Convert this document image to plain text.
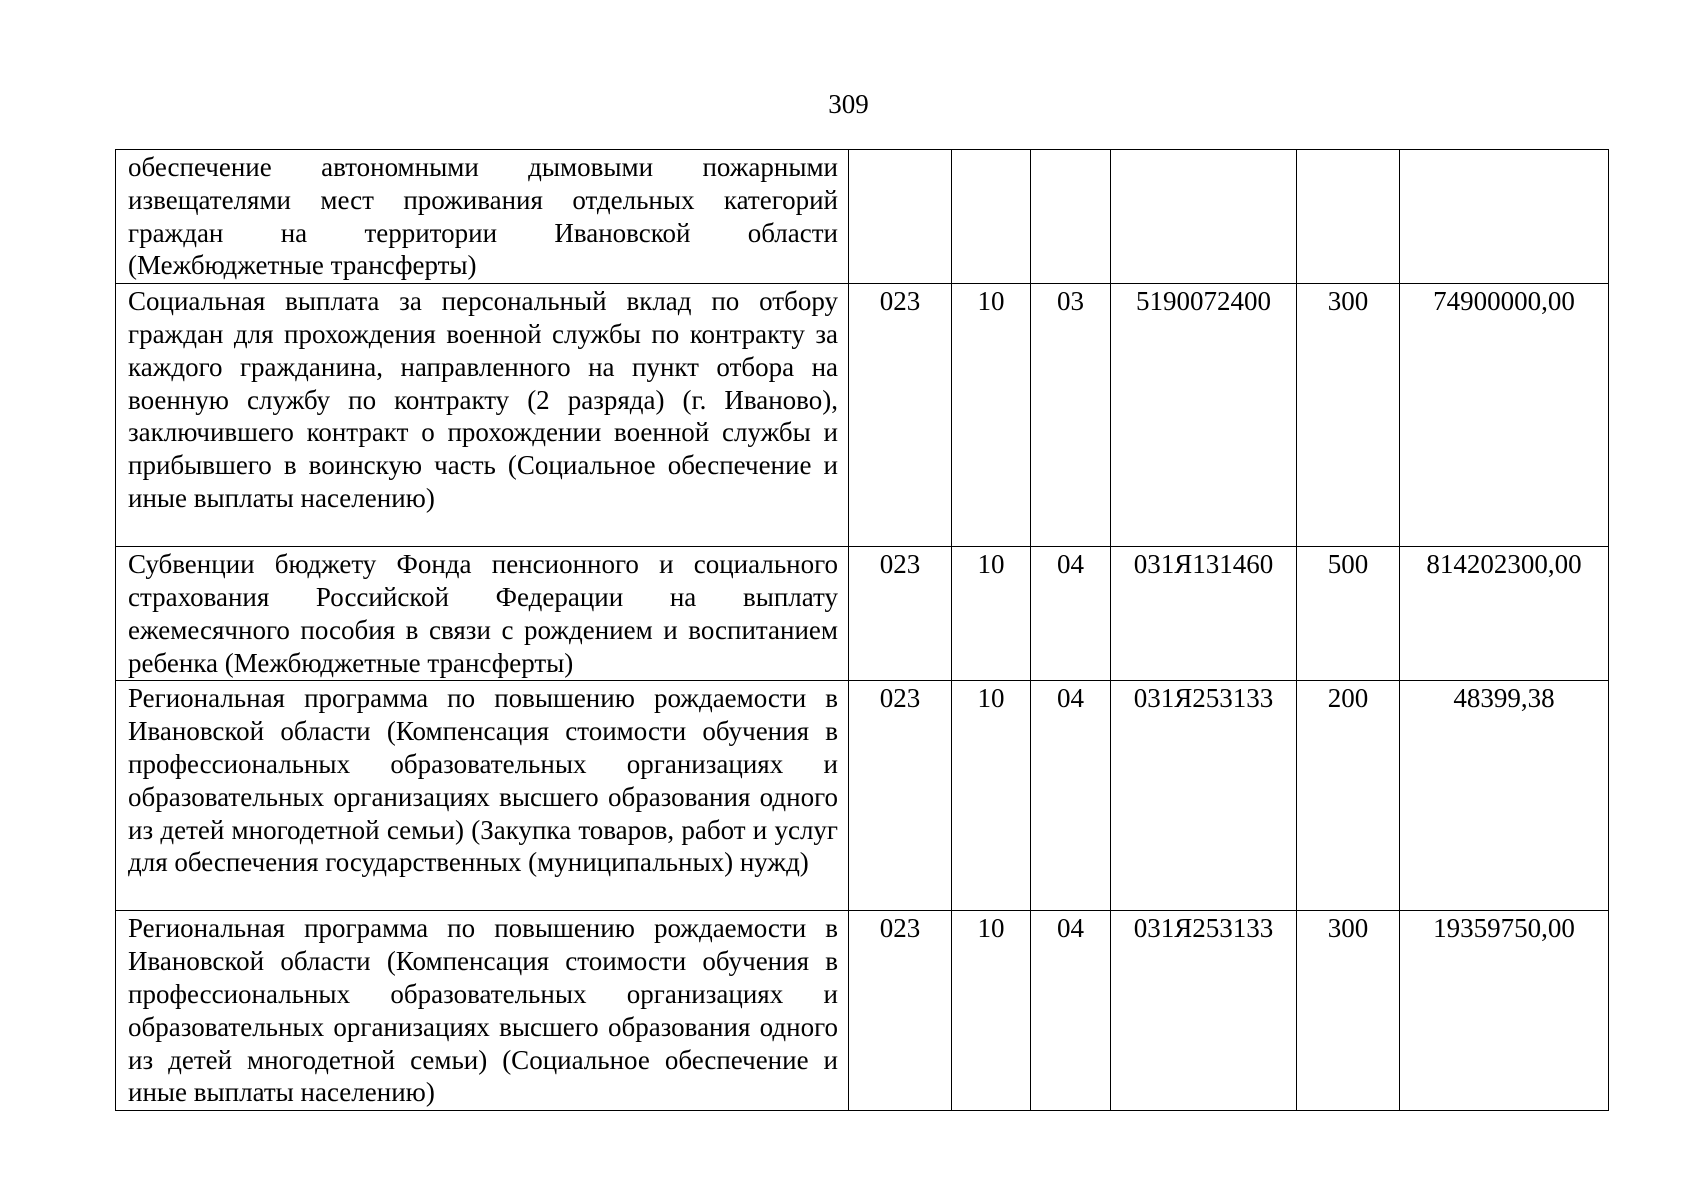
309
обеспечение автономными дымовыми пожарными извещателями мест проживания отдельных категорий граждан на территории Ивановской области (Межбюджетные трансферты)						
Социальная выплата за персональный вклад по отбору граждан для прохождения военной службы по контракту за каждого гражданина, направленного на пункт отбора на военную службу по контракту (2 разряда) (г. Иваново), заключившего контракт о прохождении военной службы и прибывшего в воинскую часть (Социальное обеспечение и иные выплаты населению)	023	10	03	5190072400	300	74900000,00
Субвенции бюджету Фонда пенсионного и социального страхования Российской Федерации на выплату ежемесячного пособия в связи с рождением и воспитанием ребенка (Межбюджетные трансферты)	023	10	04	031Я131460	500	814202300,00
Региональная программа по повышению рождаемости в Ивановской области (Компенсация стоимости обучения в профессиональных образовательных организациях и образовательных организациях высшего образования одного из детей многодетной семьи) (Закупка товаров, работ и услуг для обеспечения государственных (муниципальных) нужд)	023	10	04	031Я253133	200	48399,38
Региональная программа по повышению рождаемости в Ивановской области (Компенсация стоимости обучения в профессиональных образовательных организациях и образовательных организациях высшего образования одного из детей многодетной семьи) (Социальное обеспечение и иные выплаты населению)	023	10	04	031Я253133	300	19359750,00
